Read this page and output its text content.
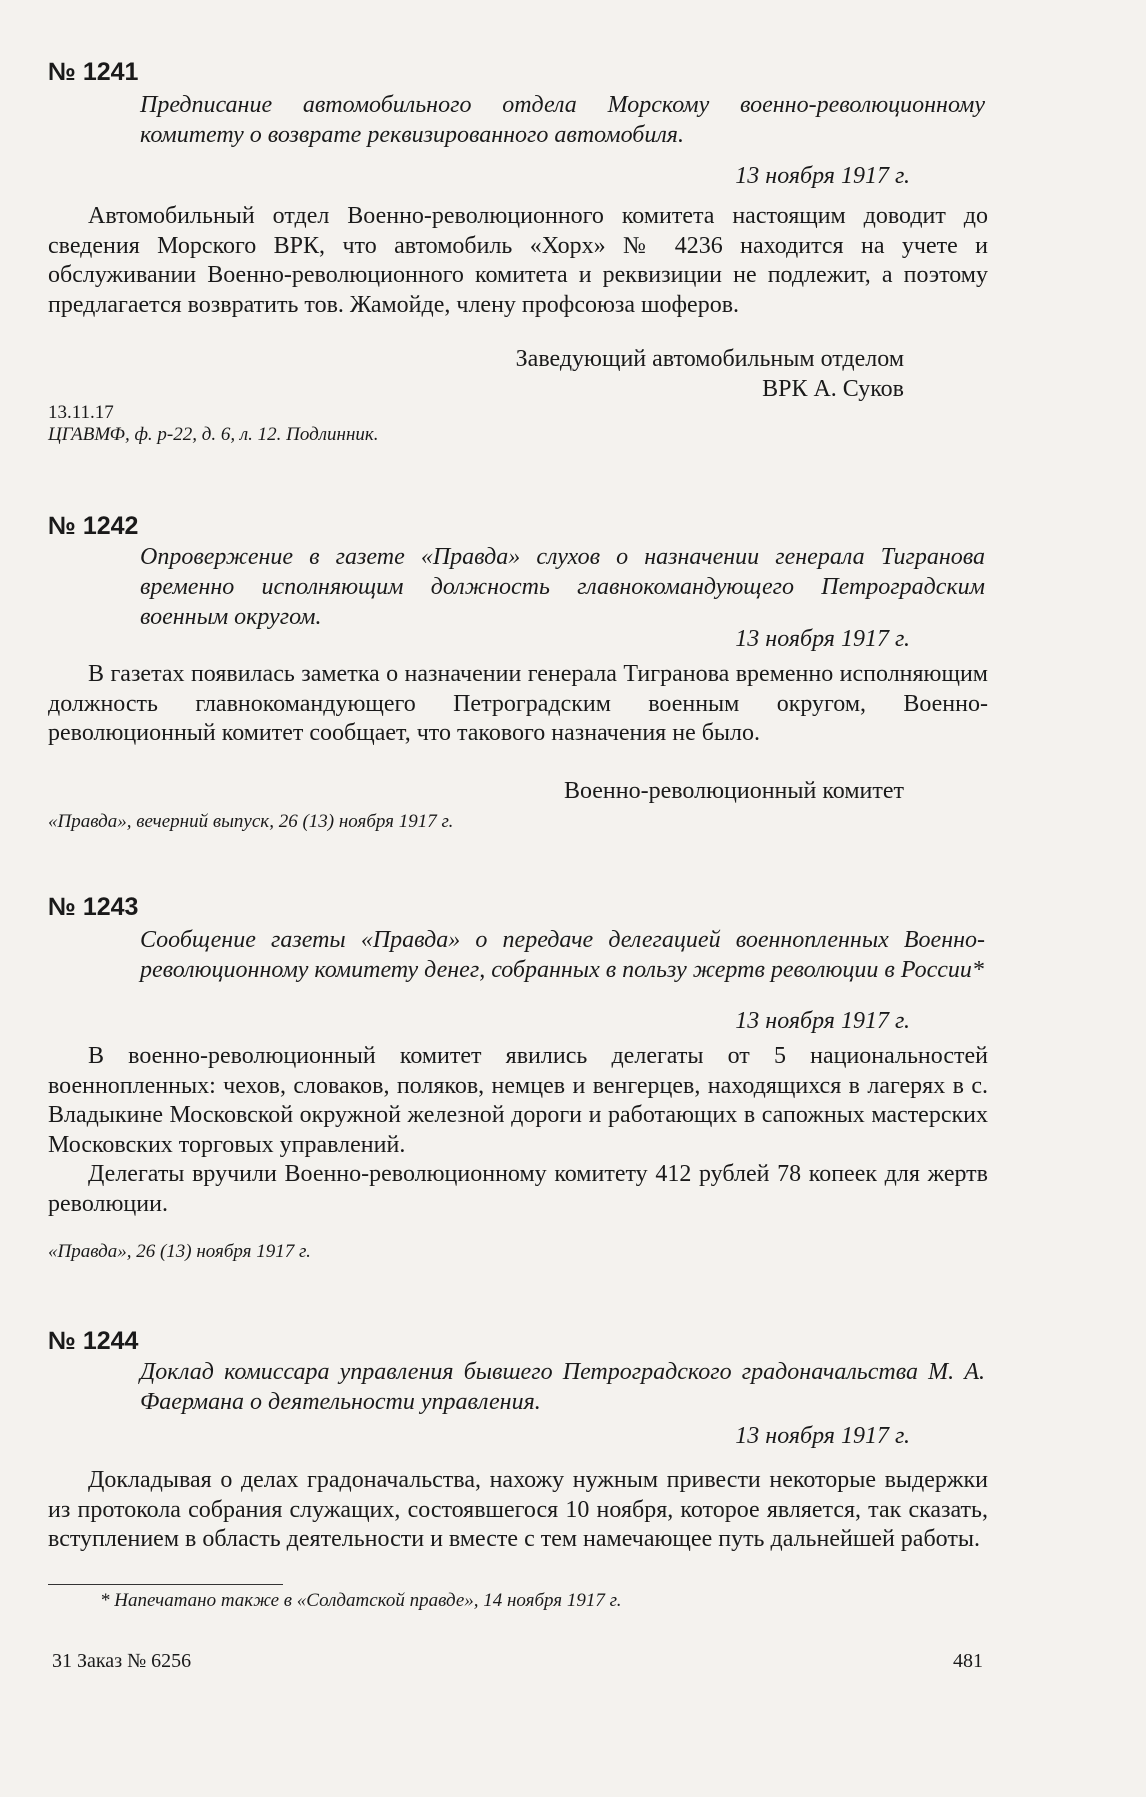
№ 1241
Предписание автомобильного отдела Морскому военно-революционному комитету о возврате реквизированного автомобиля.
13 ноября 1917 г.
Автомобильный отдел Военно-революционного комитета настоящим доводит до сведения Морского ВРК, что автомобиль «Хорх» № 4236 находится на учете и обслуживании Военно-революционного комитета и реквизиции не подлежит, а поэтому предлагается возвратить тов. Жамойде, члену профсоюза шоферов.
Заведующий автомобильным отделом
ВРК А. Суков
13.11.17
ЦГАВМФ, ф. р-22, д. 6, л. 12. Подлинник.
№ 1242
Опровержение в газете «Правда» слухов о назначении генерала Тигранова временно исполняющим должность главнокомандующего Петроградским военным округом.
13 ноября 1917 г.
В газетах появилась заметка о назначении генерала Тигранова временно исполняющим должность главнокомандующего Петроградским военным округом, Военно-революционный комитет сообщает, что такового назначения не было.
Военно-революционный комитет
«Правда», вечерний выпуск, 26 (13) ноября 1917 г.
№ 1243
Сообщение газеты «Правда» о передаче делегацией военнопленных Военно-революционному комитету денег, собранных в пользу жертв революции в России*
13 ноября 1917 г.
В военно-революционный комитет явились делегаты от 5 национальностей военнопленных: чехов, словаков, поляков, немцев и венгерцев, находящихся в лагерях в с. Владыкине Московской окружной железной дороги и работающих в сапожных мастерских Московских торговых управлений.
Делегаты вручили Военно-революционному комитету 412 рублей 78 копеек для жертв революции.
«Правда», 26 (13) ноября 1917 г.
№ 1244
Доклад комиссара управления бывшего Петроградского градоначальства М. А. Фаермана о деятельности управления.
13 ноября 1917 г.
Докладывая о делах градоначальства, нахожу нужным привести некоторые выдержки из протокола собрания служащих, состоявшегося 10 ноября, которое является, так сказать, вступлением в область деятельности и вместе с тем намечающее путь дальнейшей работы.
* Напечатано также в «Солдатской правде», 14 ноября 1917 г.
31 Заказ № 6256	481
